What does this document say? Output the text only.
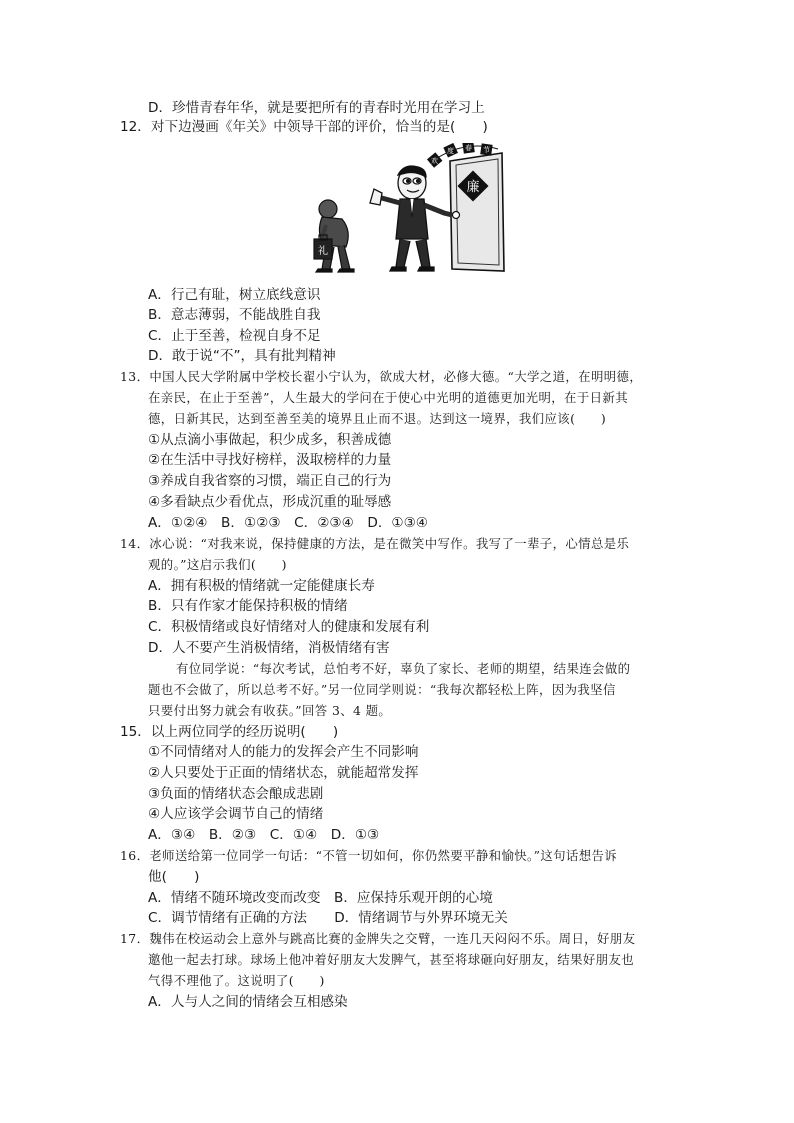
D．珍惜青春年华，就是要把所有的青春时光用在学习上
12．对下边漫画《年关》中领导干部的评价，恰当的是(　　)
廉
欢
度 春 节
礼
A．行己有耻，树立底线意识
B．意志薄弱，不能战胜自我
C．止于至善，检视自身不足
D．敢于说“不”，具有批判精神
13．中国人民大学附属中学校长翟小宁认为，欲成大材，必修大德。“大学之道，在明明德，
在亲民，在止于至善”，人生最大的学问在于使心中光明的道德更加光明，在于日新其
德，日新其民，达到至善至美的境界且止而不退。达到这一境界，我们应该(　　)
①从点滴小事做起，积少成多，积善成德
②在生活中寻找好榜样，汲取榜样的力量
③养成自我省察的习惯，端正自己的行为
④多看缺点少看优点，形成沉重的耻辱感
A．①②④　B．①②③　C．②③④　D．①③④
14．冰心说：“对我来说，保持健康的方法，是在微笑中写作。我写了一辈子，心情总是乐
观的。”这启示我们(　　)
A．拥有积极的情绪就一定能健康长寿
B．只有作家才能保持积极的情绪
C．积极情绪或良好情绪对人的健康和发展有利
D．人不要产生消极情绪，消极情绪有害
有位同学说：“每次考试，总怕考不好，辜负了家长、老师的期望，结果连会做的
题也不会做了，所以总考不好。”另一位同学则说：“我每次都轻松上阵，因为我坚信
只要付出努力就会有收获。”回答 3、4 题。
15．以上两位同学的经历说明(　　)
①不同情绪对人的能力的发挥会产生不同影响
②人只要处于正面的情绪状态，就能超常发挥
③负面的情绪状态会酿成悲剧
④人应该学会调节自己的情绪
A．③④　B．②③　C．①④　D．①③
16．老师送给第一位同学一句话：“不管一切如何，你仍然要平静和愉快。”这句话想告诉
他(　　)
A．情绪不随环境改变而改变　B．应保持乐观开朗的心境
C．调节情绪有正确的方法　　D．情绪调节与外界环境无关
17．魏伟在校运动会上意外与跳高比赛的金牌失之交臂，一连几天闷闷不乐。周日，好朋友
邀他一起去打球。球场上他冲着好朋友大发脾气，甚至将球砸向好朋友，结果好朋友也
气得不理他了。这说明了(　　)
A．人与人之间的情绪会互相感染
